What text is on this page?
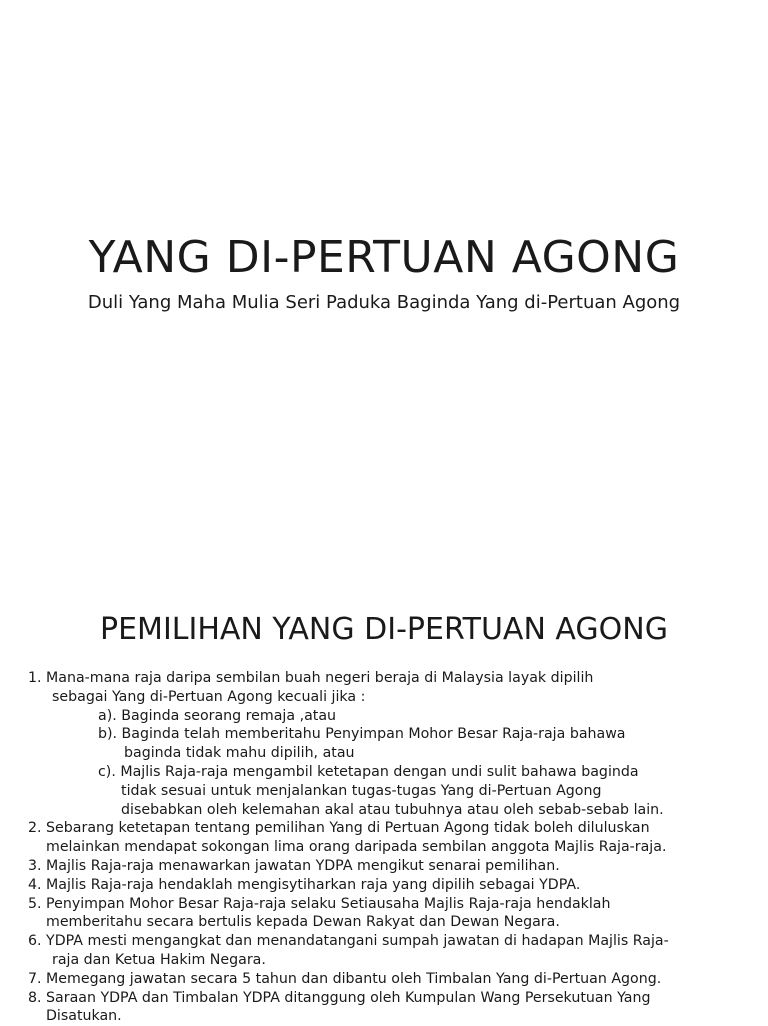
YANG DI-PERTUAN AGONG

Duli Yang Maha Mulia Seri Paduka Baginda Yang di-Pertuan Agong

PEMILIHAN YANG DI-PERTUAN AGONG
1. Mana-mana raja daripa sembilan buah negeri beraja di Malaysia layak dipilih
sebagai Yang di-Pertuan Agong kecuali jika :
a). Baginda seorang remaja ,atau
b). Baginda telah memberitahu Penyimpan Mohor Besar Raja-raja bahawa
baginda tidak mahu dipilih, atau
c). Majlis Raja-raja mengambil ketetapan dengan undi sulit bahawa baginda
tidak sesuai untuk menjalankan tugas-tugas Yang di-Pertuan Agong
disebabkan oleh kelemahan akal atau tubuhnya atau oleh sebab-sebab lain.
2. Sebarang ketetapan tentang pemilihan Yang di Pertuan Agong tidak boleh diluluskan
melainkan mendapat sokongan lima orang daripada sembilan anggota Majlis Raja-raja.
3. Majlis Raja-raja menawarkan jawatan YDPA mengikut senarai pemilihan.
4. Majlis Raja-raja hendaklah mengisytiharkan raja yang dipilih sebagai YDPA.
5. Penyimpan Mohor Besar Raja-raja selaku Setiausaha Majlis Raja-raja hendaklah
memberitahu secara bertulis kepada Dewan Rakyat dan Dewan Negara.
6. YDPA mesti mengangkat dan menandatangani sumpah jawatan di hadapan Majlis Raja-
raja dan Ketua Hakim Negara.
7. Memegang jawatan secara 5 tahun dan dibantu oleh Timbalan Yang di-Pertuan Agong.
8. Saraan YDPA dan Timbalan YDPA ditanggung oleh Kumpulan Wang Persekutuan Yang
Disatukan.
